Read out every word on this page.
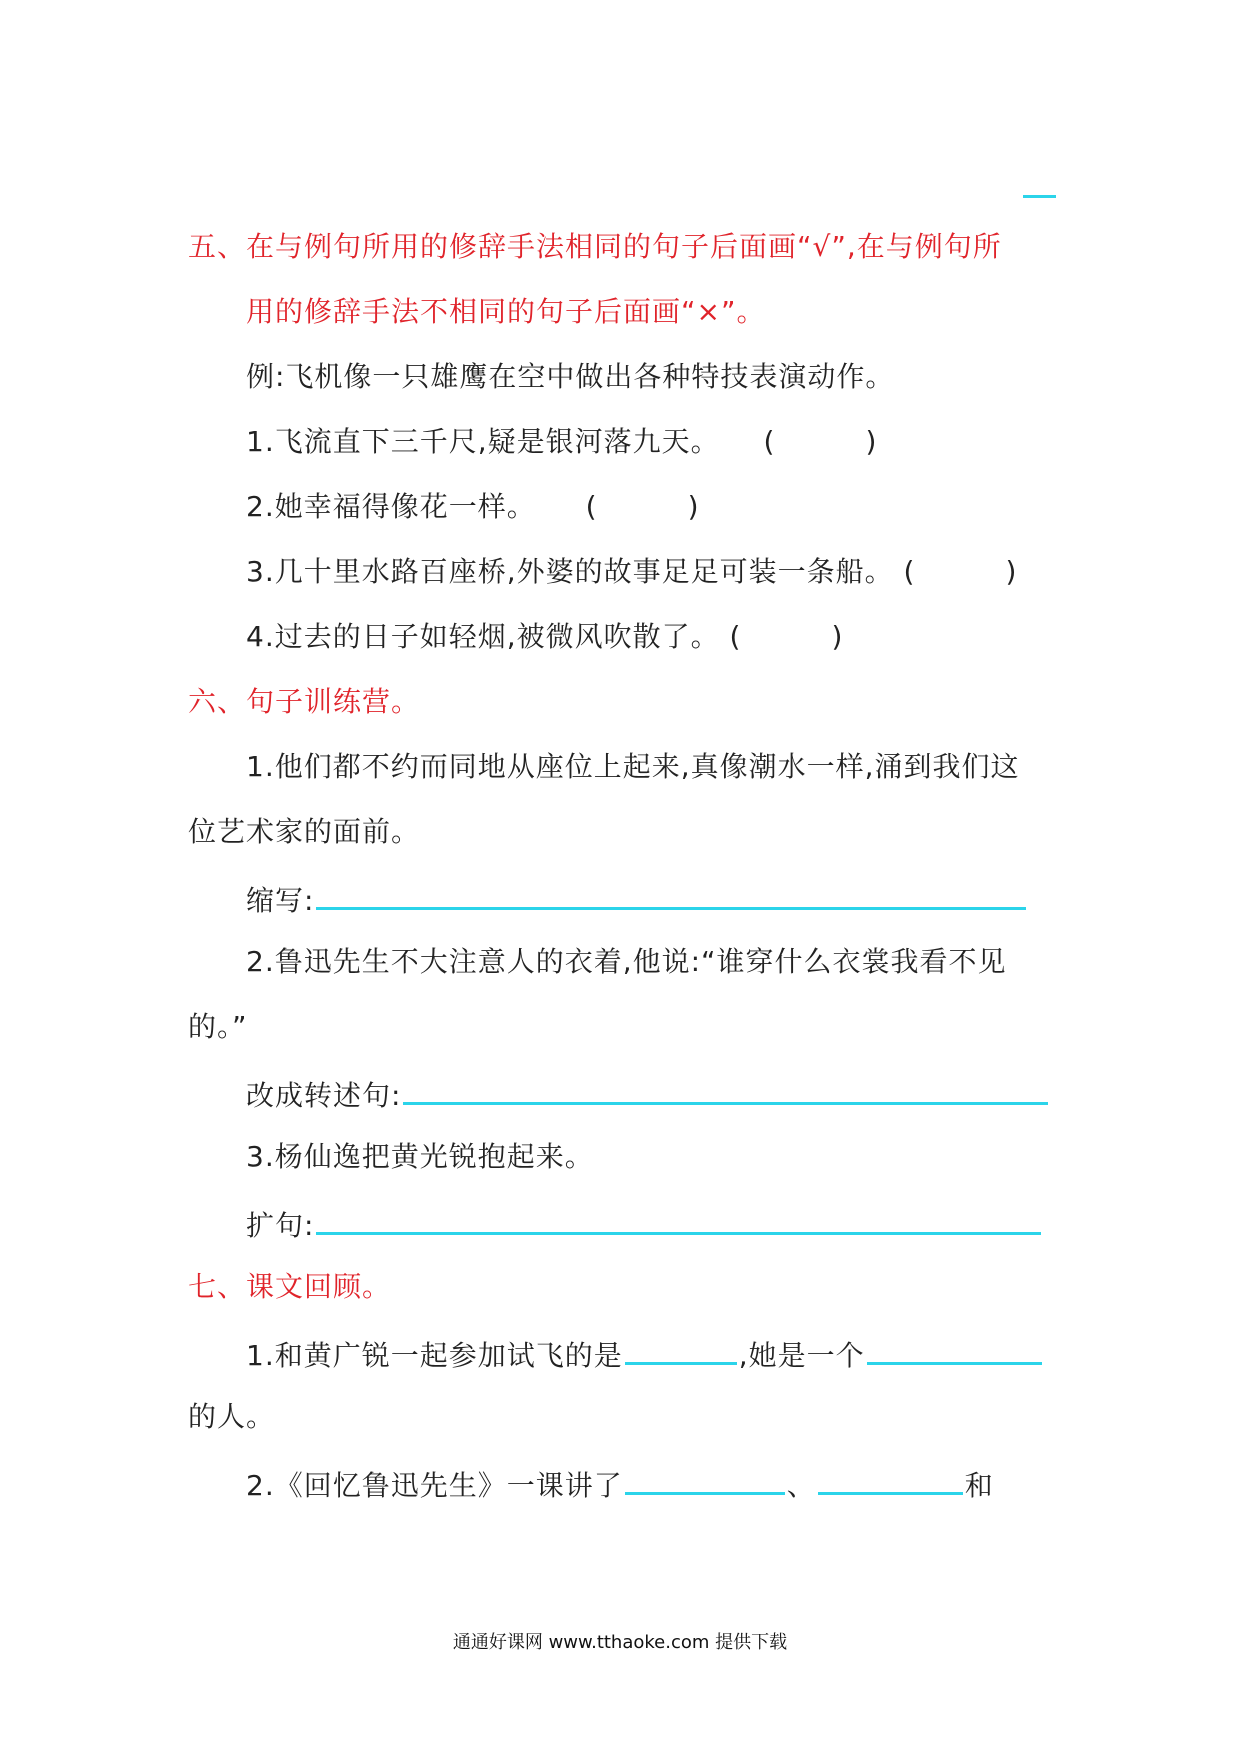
五、在与例句所用的修辞手法相同的句子后面画“√”,在与例句所
用的修辞手法不相同的句子后面画“×”。
例:飞机像一只雄鹰在空中做出各种特技表演动作。
1.飞流直下三千尺,疑是银河落九天。 (	)
2.她幸福得像花一样。 (	)
3.几十里水路百座桥,外婆的故事足足可装一条船。 (	)
4.过去的日子如轻烟,被微风吹散了。 (	)
六、句子训练营。
1.他们都不约而同地从座位上起来,真像潮水一样,涌到我们这
位艺术家的面前。
缩写:
2.鲁迅先生不大注意人的衣着,他说:“谁穿什么衣裳我看不见
的。”
改成转述句:
3.杨仙逸把黄光锐抱起来。
扩句:
七、课文回顾。
1.和黄广锐一起参加试飞的是	,她是一个
的人。
2.《回忆鲁迅先生》一课讲了	、	和
通通好课网 www.tthaoke.com 提供下载
